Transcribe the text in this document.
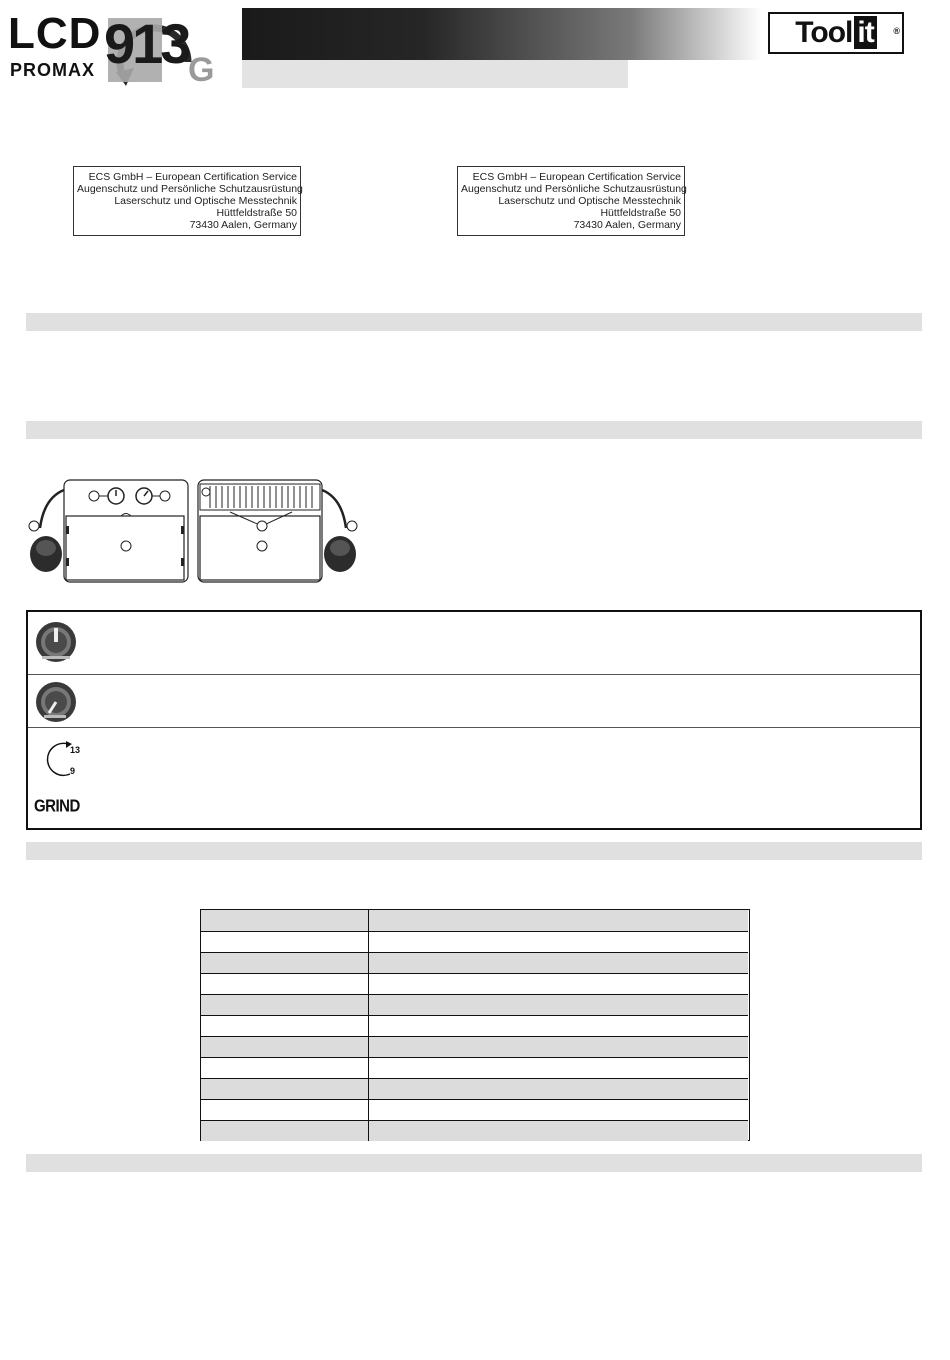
LCD
PROMAX 913 G
Tool it ®
ECS GmbH – European Certification Service
Augenschutz und Persönliche Schutzausrüstung
Laserschutz und Optische Messtechnik
Hüttfeldstraße 50
73430 Aalen, Germany
ECS GmbH – European Certification Service
Augenschutz und Persönliche Schutzausrüstung
Laserschutz und Optische Messtechnik
Hüttfeldstraße 50
73430 Aalen, Germany
13
9
GRIND
